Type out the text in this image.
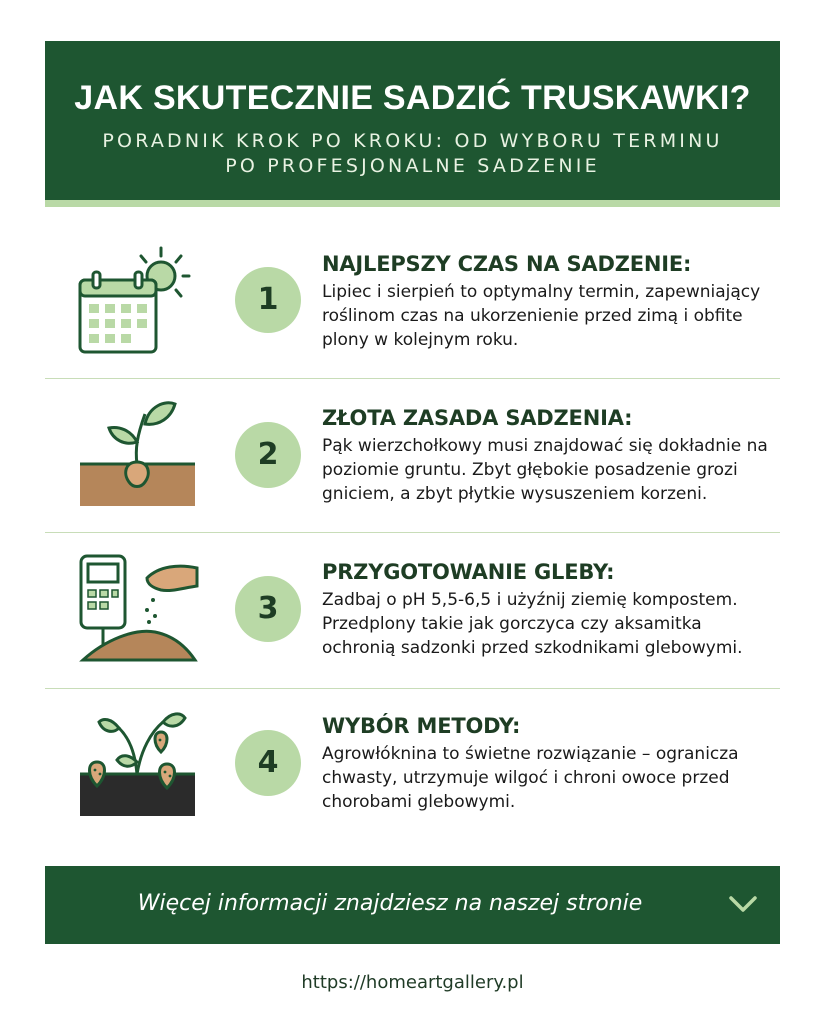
JAK SKUTECZNIE SADZIĆ TRUSKAWKI?
PORADNIK KROK PO KROKU: OD WYBORU TERMINU PO PROFESJONALNE SADZENIE
1
NAJLEPSZY CZAS NA SADZENIE:
Lipiec i sierpień to optymalny termin, zapewniający roślinom czas na ukorzenienie przed zimą i obfite plony w kolejnym roku.
2
ZŁOTA ZASADA SADZENIA:
Pąk wierzchołkowy musi znajdować się dokładnie na poziomie gruntu. Zbyt głębokie posadzenie grozi gniciem, a zbyt płytkie wysuszeniem korzeni.
3
PRZYGOTOWANIE GLEBY:
Zadbaj o pH 5,5-6,5 i użyźnij ziemię kompostem. Przedplony takie jak gorczyca czy aksamitka ochronią sadzonki przed szkodnikami glebowymi.
4
WYBÓR METODY:
Agrowłóknina to świetne rozwiązanie – ogranicza chwasty, utrzymuje wilgoć i chroni owoce przed chorobami glebowymi.
Więcej informacji znajdziesz na naszej stronie
https://homeartgallery.pl
